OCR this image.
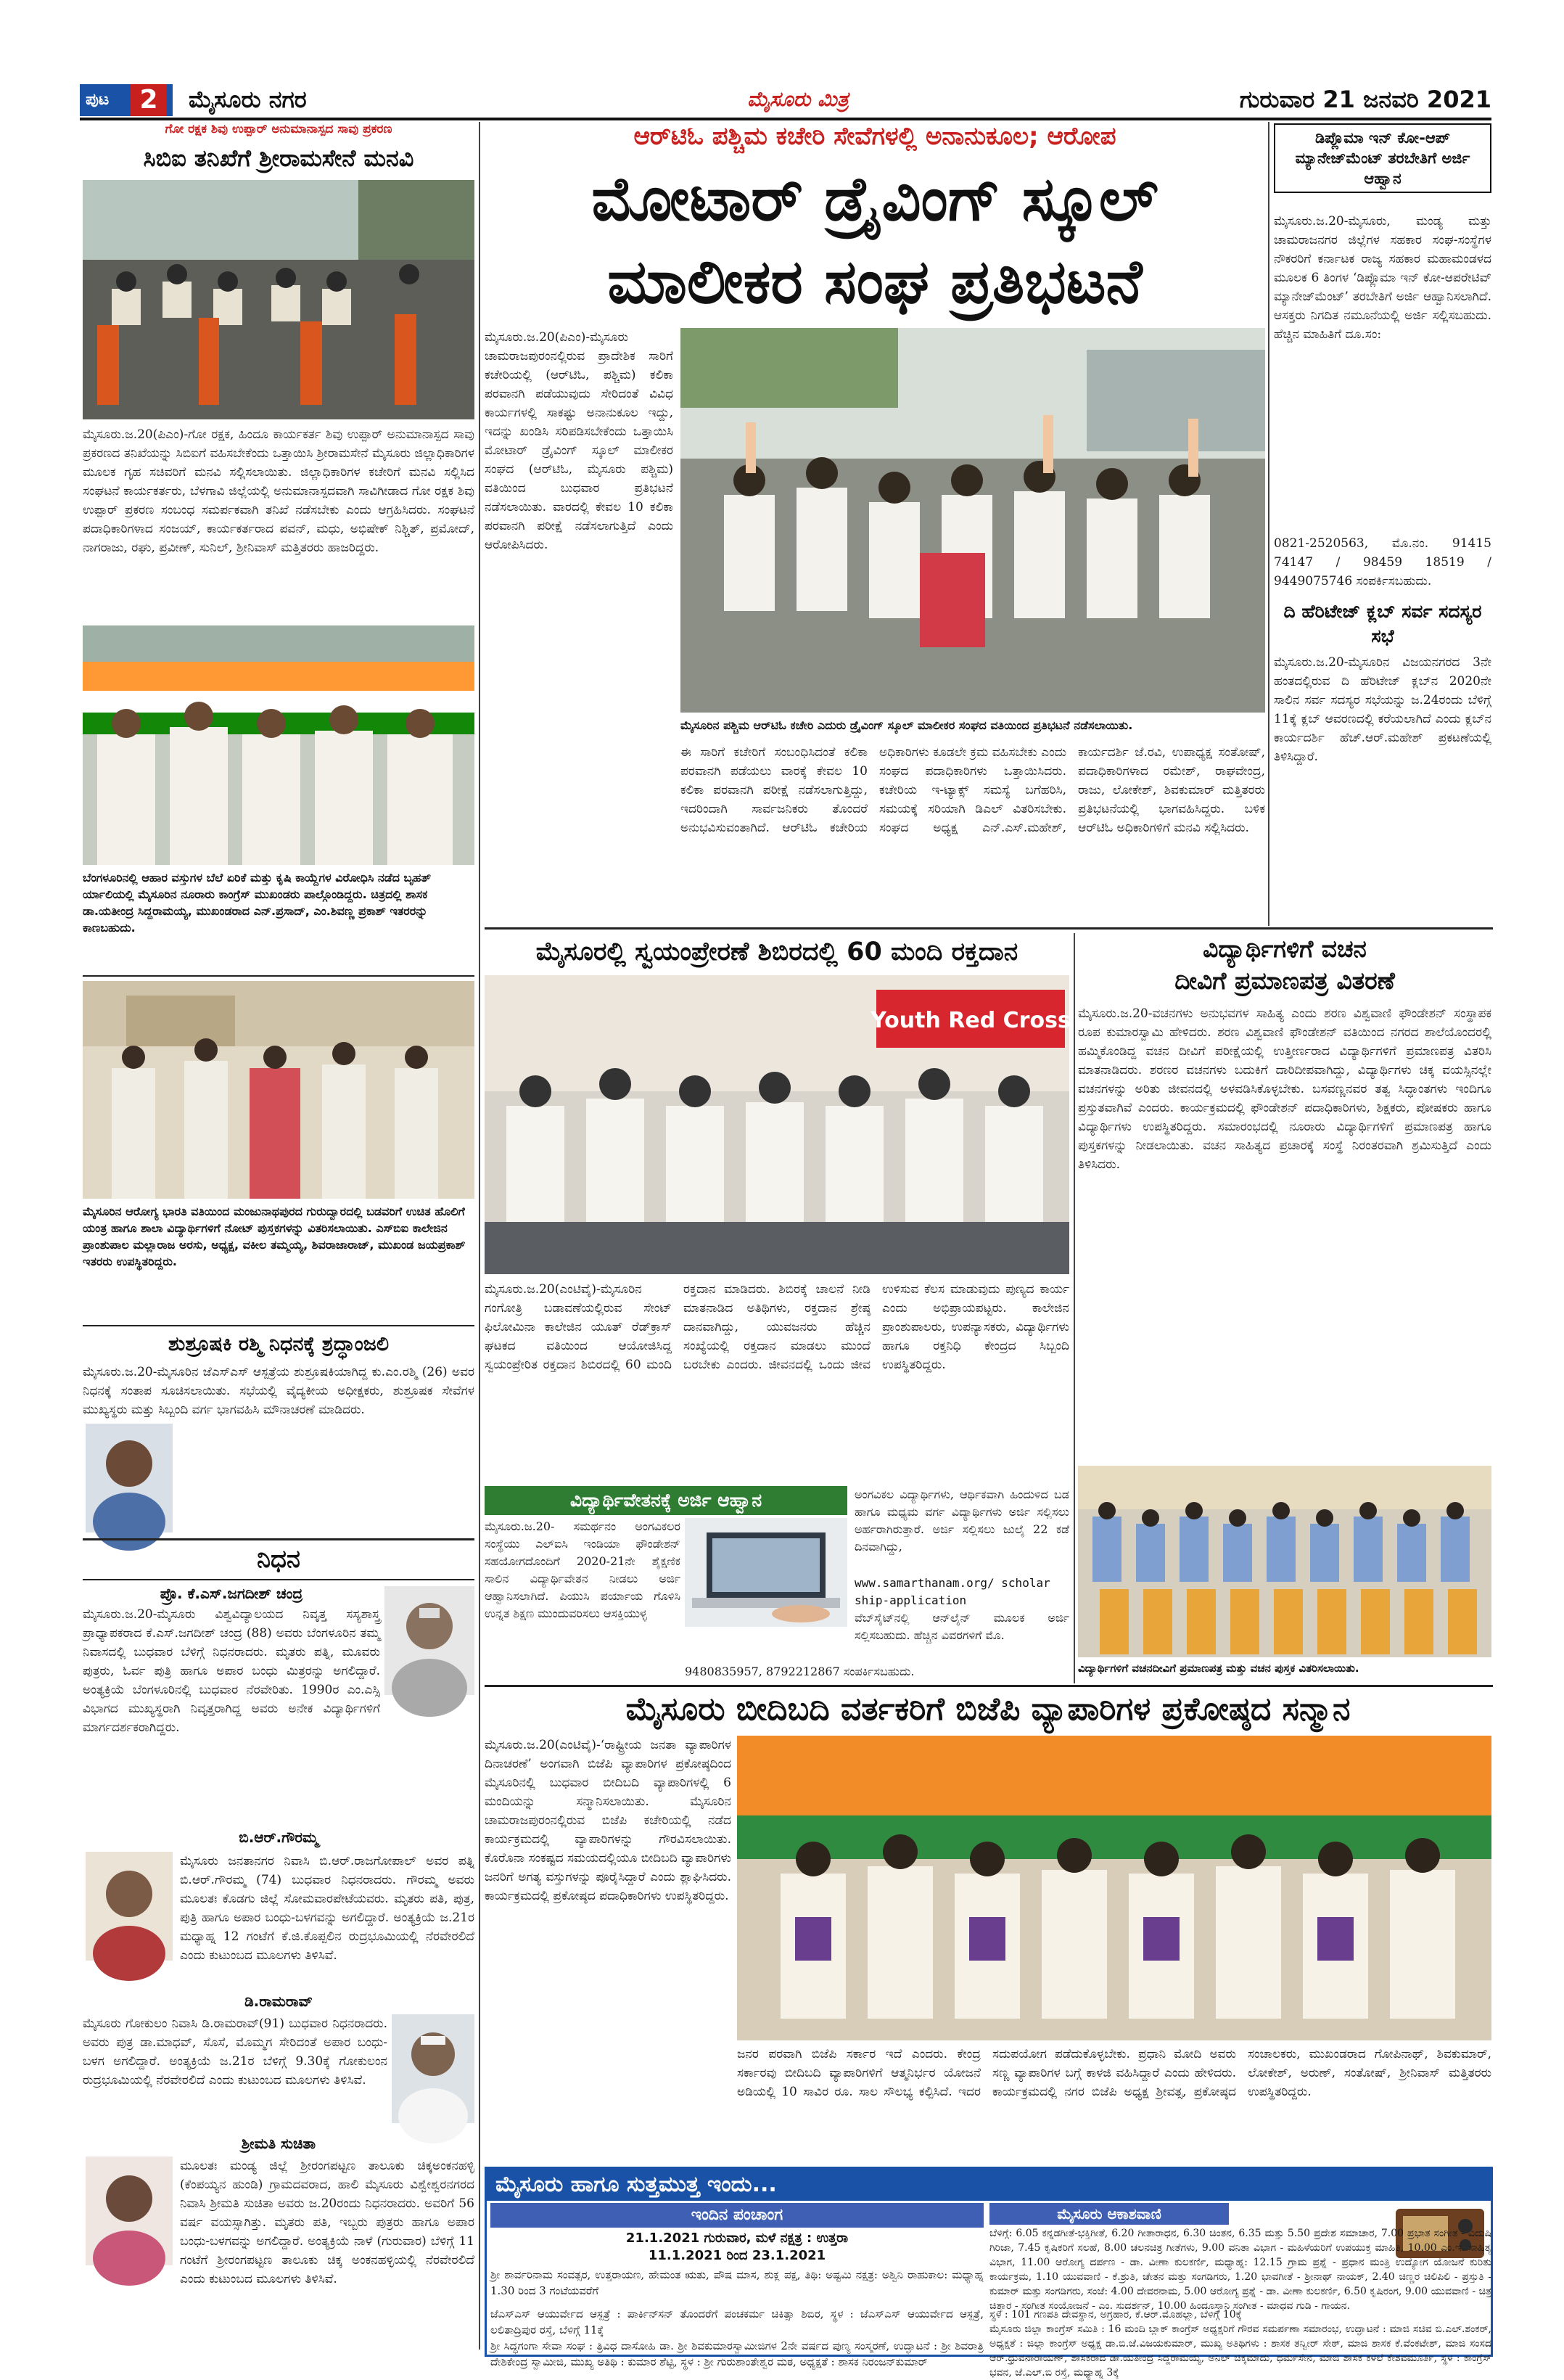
ಪುಟ	2	ಮೈಸೂರು ನಗರ	ಮೈಸೂರು ಮಿತ್ರ	ಗುರುವಾರ 21 ಜನವರಿ 2021
ಗೋ ರಕ್ಷಕ ಶಿವು ಉಪ್ಪಾರ್ ಅನುಮಾನಾಸ್ಪದ ಸಾವು ಪ್ರಕರಣ
ಸಿಬಿಐ ತನಿಖೆಗೆ ಶ್ರೀರಾಮಸೇನೆ ಮನವಿ
ಮೈಸೂರು.ಜ.20(ಪಿಎಂ)-ಗೋ ರಕ್ಷಕ, ಹಿಂದೂ ಕಾರ್ಯಕರ್ತ ಶಿವು ಉಪ್ಪಾರ್ ಅನುಮಾನಾಸ್ಪದ ಸಾವು ಪ್ರಕರಣದ ತನಿಖೆಯನ್ನು ಸಿಬಿಐಗೆ ವಹಿಸಬೇಕೆಂದು ಒತ್ತಾಯಿಸಿ ಶ್ರೀರಾಮಸೇನೆ ಮೈಸೂರು ಜಿಲ್ಲಾಧಿಕಾರಿಗಳ ಮೂಲಕ ಗೃಹ ಸಚಿವರಿಗೆ ಮನವಿ ಸಲ್ಲಿಸಲಾಯಿತು. ಜಿಲ್ಲಾಧಿಕಾರಿಗಳ ಕಚೇರಿಗೆ ಮನವಿ ಸಲ್ಲಿಸಿದ ಸಂಘಟನೆ ಕಾರ್ಯಕರ್ತರು, ಬೆಳಗಾವಿ ಜಿಲ್ಲೆಯಲ್ಲಿ ಅನುಮಾನಾಸ್ಪದವಾಗಿ ಸಾವಿಗೀಡಾದ ಗೋ ರಕ್ಷಕ ಶಿವು ಉಪ್ಪಾರ್ ಪ್ರಕರಣ ಸಂಬಂಧ ಸಮರ್ಪಕವಾಗಿ ತನಿಖೆ ನಡೆಸಬೇಕು ಎಂದು ಆಗ್ರಹಿಸಿದರು. ಸಂಘಟನೆ ಪದಾಧಿಕಾರಿಗಳಾದ ಸಂಜಯ್, ಕಾರ್ಯಕರ್ತರಾದ ಪವನ್, ಮಧು, ಅಭಿಷೇಕ್ ನಿಶ್ಚಿತ್, ಪ್ರಮೋದ್, ನಾಗರಾಜು, ರಘು, ಪ್ರವೀಣ್, ಸುನಿಲ್, ಶ್ರೀನಿವಾಸ್ ಮತ್ತಿತರರು ಹಾಜರಿದ್ದರು.
ಬೆಂಗಳೂರಿನಲ್ಲಿ ಆಹಾರ ವಸ್ತುಗಳ ಬೆಲೆ ಏರಿಕೆ ಮತ್ತು ಕೃಷಿ ಕಾಯ್ದೆಗಳ ವಿರೋಧಿಸಿ ನಡೆದ ಬೃಹತ್ ರ್ಯಾಲಿಯಲ್ಲಿ ಮೈಸೂರಿನ ನೂರಾರು ಕಾಂಗ್ರೆಸ್ ಮುಖಂಡರು ಪಾಲ್ಗೊಂಡಿದ್ದರು. ಚಿತ್ರದಲ್ಲಿ ಶಾಸಕ ಡಾ.ಯತೀಂದ್ರ ಸಿದ್ದರಾಮಯ್ಯ, ಮುಖಂಡರಾದ ಎನ್.ಪ್ರಸಾದ್, ಎಂ.ಶಿವಣ್ಣ ಪ್ರಕಾಶ್ ಇತರರನ್ನು ಕಾಣಬಹುದು.
ಮೈಸೂರಿನ ಆರೋಗ್ಯ ಭಾರತಿ ವತಿಯಿಂದ ಮಂಜುನಾಥಪುರದ ಗುರುದ್ವಾರದಲ್ಲಿ ಬಡವರಿಗೆ ಉಚಿತ ಹೊಲಿಗೆ ಯಂತ್ರ ಹಾಗೂ ಶಾಲಾ ವಿದ್ಯಾರ್ಥಿಗಳಿಗೆ ನೋಟ್ ಪುಸ್ತಕಗಳನ್ನು ವಿತರಿಸಲಾಯಿತು. ಎಸ್‍ಬಿಐ ಕಾಲೇಜಿನ ಪ್ರಾಂಶುಪಾಲ ಮಲ್ಲಾರಾಜ ಅರಸು, ಅಧ್ಯಕ್ಷ, ವಕೀಲ ತಮ್ಮಯ್ಯ, ಶಿವರಾಜಾರಾಜ್, ಮುಖಂಡ ಜಯಪ್ರಕಾಶ್ ಇತರರು ಉಪಸ್ಥಿತರಿದ್ದರು.
ಶುಶ್ರೂಷಕಿ ರಶ್ಮಿ ನಿಧನಕ್ಕೆ ಶ್ರದ್ಧಾಂಜಲಿ
ಮೈಸೂರು.ಜ.20-ಮೈಸೂರಿನ ಜೆಎಸ್‍ಎಸ್ ಆಸ್ಪತ್ರೆಯ ಶುಶ್ರೂಷಕಿಯಾಗಿದ್ದ ಕು.ಎಂ.ರಶ್ಮಿ (26) ಅವರ ನಿಧನಕ್ಕೆ ಸಂತಾಪ ಸೂಚಿಸಲಾಯಿತು. ಸಭೆಯಲ್ಲಿ ವೈದ್ಯಕೀಯ ಅಧೀಕ್ಷಕರು, ಶುಶ್ರೂಷಕ ಸೇವೆಗಳ ಮುಖ್ಯಸ್ಥರು ಮತ್ತು ಸಿಬ್ಬಂದಿ ವರ್ಗ ಭಾಗವಹಿಸಿ ಮೌನಾಚರಣೆ ಮಾಡಿದರು.

ನಿಧನ
ಪ್ರೊ. ಕೆ.ಎಸ್.ಜಗದೀಶ್ ಚಂದ್ರ
ಮೈಸೂರು.ಜ.20-ಮೈಸೂರು ವಿಶ್ವವಿದ್ಯಾಲಯದ ನಿವೃತ್ತ ಸಸ್ಯಶಾಸ್ತ್ರ ಪ್ರಾಧ್ಯಾಪಕರಾದ ಕೆ.ಎಸ್.ಜಗದೀಶ್ ಚಂದ್ರ (88) ಅವರು ಬೆಂಗಳೂರಿನ ತಮ್ಮ ನಿವಾಸದಲ್ಲಿ ಬುಧವಾರ ಬೆಳಿಗ್ಗೆ ನಿಧನರಾದರು. ಮೃತರು ಪತ್ನಿ, ಮೂವರು ಪುತ್ರರು, ಓರ್ವ ಪುತ್ರಿ ಹಾಗೂ ಅಪಾರ ಬಂಧು ಮಿತ್ರರನ್ನು ಅಗಲಿದ್ದಾರೆ. ಅಂತ್ಯಕ್ರಿಯೆ ಬೆಂಗಳೂರಿನಲ್ಲಿ ಬುಧವಾರ ನೆರವೇರಿತು. 1990ರ ಎಂ.ಎಸ್ಸಿ ವಿಭಾಗದ ಮುಖ್ಯಸ್ಥರಾಗಿ ನಿವೃತ್ತರಾಗಿದ್ದ ಅವರು ಅನೇಕ ವಿದ್ಯಾರ್ಥಿಗಳಿಗೆ ಮಾರ್ಗದರ್ಶಕರಾಗಿದ್ದರು.
ಬಿ.ಆರ್.ಗೌರಮ್ಮ
ಮೈಸೂರು ಜನತಾನಗರ ನಿವಾಸಿ ಬಿ.ಆರ್.ರಾಜಗೋಪಾಲ್ ಅವರ ಪತ್ನಿ ಬಿ.ಆರ್.ಗೌರಮ್ಮ (74) ಬುಧವಾರ ನಿಧನರಾದರು. ಗೌರಮ್ಮ ಅವರು ಮೂಲತಃ ಕೊಡಗು ಜಿಲ್ಲೆ ಸೋಮವಾರಪೇಟೆಯವರು. ಮೃತರು ಪತಿ, ಪುತ್ರ, ಪುತ್ರಿ ಹಾಗೂ ಅಪಾರ ಬಂಧು-ಬಳಗವನ್ನು ಅಗಲಿದ್ದಾರೆ. ಅಂತ್ಯಕ್ರಿಯೆ ಜ.21ರ ಮಧ್ಯಾಹ್ನ 12 ಗಂಟೆಗೆ ಕೆ.ಜಿ.ಕೊಪ್ಪಲಿನ ರುದ್ರಭೂಮಿಯಲ್ಲಿ ನೆರವೇರಲಿದೆ ಎಂದು ಕುಟುಂಬದ ಮೂಲಗಳು ತಿಳಿಸಿವೆ.
ಡಿ.ರಾಮರಾವ್
ಮೈಸೂರು ಗೋಕುಲಂ ನಿವಾಸಿ ಡಿ.ರಾಮರಾವ್(91) ಬುಧವಾರ ನಿಧನರಾದರು. ಅವರು ಪುತ್ರ ಡಾ.ಮಾಧವ್, ಸೊಸೆ, ಮೊಮ್ಮಗ ಸೇರಿದಂತೆ ಅಪಾರ ಬಂಧು-ಬಳಗ ಅಗಲಿದ್ದಾರೆ. ಅಂತ್ಯಕ್ರಿಯೆ ಜ.21ರ ಬೆಳಿಗ್ಗೆ 9.30ಕ್ಕೆ ಗೋಕುಲಂನ ರುದ್ರಭೂಮಿಯಲ್ಲಿ ನೆರವೇರಲಿದೆ ಎಂದು ಕುಟುಂಬದ ಮೂಲಗಳು ತಿಳಿಸಿವೆ.
ಶ್ರೀಮತಿ ಸುಚಿತಾ
ಮೂಲತಃ ಮಂಡ್ಯ ಜಿಲ್ಲೆ ಶ್ರೀರಂಗಪಟ್ಟಣ ತಾಲೂಕು ಚಿಕ್ಕಅಂಕನಹಳ್ಳಿ (ಕೆಂಪಯ್ಯನ ಹುಂಡಿ) ಗ್ರಾಮದವರಾದ, ಹಾಲಿ ಮೈಸೂರು ವಿಶ್ವೇಶ್ವರನಗರದ ನಿವಾಸಿ ಶ್ರೀಮತಿ ಸುಚಿತಾ ಅವರು ಜ.20ರಂದು ನಿಧನರಾದರು. ಅವರಿಗೆ 56 ವರ್ಷ ವಯಸ್ಸಾಗಿತ್ತು. ಮೃತರು ಪತಿ, ಇಬ್ಬರು ಪುತ್ರರು ಹಾಗೂ ಅಪಾರ ಬಂಧು-ಬಳಗವನ್ನು ಅಗಲಿದ್ದಾರೆ. ಅಂತ್ಯಕ್ರಿಯೆ ನಾಳೆ (ಗುರುವಾರ) ಬೆಳಿಗ್ಗೆ 11 ಗಂಟೆಗೆ ಶ್ರೀರಂಗಪಟ್ಟಣ ತಾಲೂಕು ಚಿಕ್ಕ ಅಂಕನಹಳ್ಳಿಯಲ್ಲಿ ನೆರವೇರಲಿದೆ ಎಂದು ಕುಟುಂಬದ ಮೂಲಗಳು ತಿಳಿಸಿವೆ.
ಆರ್‌ಟಿಓ ಪಶ್ಚಿಮ ಕಚೇರಿ ಸೇವೆಗಳಲ್ಲಿ ಅನಾನುಕೂಲ; ಆರೋಪ
ಮೋಟಾರ್ ಡ್ರೈವಿಂಗ್ ಸ್ಕೂಲ್
ಮಾಲೀಕರ ಸಂಘ ಪ್ರತಿಭಟನೆ
ಮೈಸೂರು.ಜ.20(ಪಿಎಂ)-ಮೈಸೂರು ಚಾಮರಾಜಪುರಂನಲ್ಲಿರುವ ಪ್ರಾದೇಶಿಕ ಸಾರಿಗೆ ಕಚೇರಿಯಲ್ಲಿ (ಆರ್‌ಟಿಓ, ಪಶ್ಚಿಮ) ಕಲಿಕಾ ಪರವಾನಗಿ ಪಡೆಯುವುದು ಸೇರಿದಂತೆ ವಿವಿಧ ಕಾರ್ಯಗಳಲ್ಲಿ ಸಾಕಷ್ಟು ಅನಾನುಕೂಲ ಇದ್ದು, ಇದನ್ನು ಖಂಡಿಸಿ ಸರಿಪಡಿಸಬೇಕೆಂದು ಒತ್ತಾಯಿಸಿ ಮೋಟಾರ್ ಡ್ರೈವಿಂಗ್ ಸ್ಕೂಲ್ ಮಾಲೀಕರ ಸಂಘದ (ಆರ್‌ಟಿಓ, ಮೈಸೂರು ಪಶ್ಚಿಮ) ವತಿಯಿಂದ ಬುಧವಾರ ಪ್ರತಿಭಟನೆ ನಡೆಸಲಾಯಿತು. ವಾರದಲ್ಲಿ ಕೇವಲ 10 ಕಲಿಕಾ ಪರವಾನಗಿ ಪರೀಕ್ಷೆ ನಡೆಸಲಾಗುತ್ತಿದೆ ಎಂದು ಆರೋಪಿಸಿದರು.
ಮೈಸೂರಿನ ಪಶ್ಚಿಮ ಆರ್‌ಟಿಓ ಕಚೇರಿ ಎದುರು ಡ್ರೈವಿಂಗ್ ಸ್ಕೂಲ್ ಮಾಲೀಕರ ಸಂಘದ ವತಿಯಿಂದ ಪ್ರತಿಭಟನೆ ನಡೆಸಲಾಯಿತು.
ಈ ಸಾರಿಗೆ ಕಚೇರಿಗೆ ಸಂಬಂಧಿಸಿದಂತೆ ಕಲಿಕಾ ಪರವಾನಗಿ ಪಡೆಯಲು ವಾರಕ್ಕೆ ಕೇವಲ 10 ಕಲಿಕಾ ಪರವಾನಗಿ ಪರೀಕ್ಷೆ ನಡೆಸಲಾಗುತ್ತಿದ್ದು, ಇದರಿಂದಾಗಿ ಸಾರ್ವಜನಿಕರು ತೊಂದರೆ ಅನುಭವಿಸುವಂತಾಗಿದೆ. ಆರ್‌ಟಿಓ ಕಚೇರಿಯ ಅಧಿಕಾರಿಗಳು ಕೂಡಲೇ ಕ್ರಮ ವಹಿಸಬೇಕು ಎಂದು ಸಂಘದ ಪದಾಧಿಕಾರಿಗಳು ಒತ್ತಾಯಿಸಿದರು. ಕಚೇರಿಯ ಇ-ಟ್ಯಾಕ್ಸ್ ಸಮಸ್ಯೆ ಬಗೆಹರಿಸಿ, ಸಮಯಕ್ಕೆ ಸರಿಯಾಗಿ ಡಿಎಲ್ ವಿತರಿಸಬೇಕು. ಸಂಘದ ಅಧ್ಯಕ್ಷ ಎನ್.ಎಸ್.ಮಹೇಶ್, ಕಾರ್ಯದರ್ಶಿ ಜೆ.ರವಿ, ಉಪಾಧ್ಯಕ್ಷ ಸಂತೋಷ್, ಪದಾಧಿಕಾರಿಗಳಾದ ರಮೇಶ್, ರಾಘವೇಂದ್ರ, ರಾಜು, ಲೋಕೇಶ್, ಶಿವಕುಮಾರ್ ಮತ್ತಿತರರು ಪ್ರತಿಭಟನೆಯಲ್ಲಿ ಭಾಗವಹಿಸಿದ್ದರು. ಬಳಿಕ ಆರ್‌ಟಿಓ ಅಧಿಕಾರಿಗಳಿಗೆ ಮನವಿ ಸಲ್ಲಿಸಿದರು.
ಡಿಪ್ಲೊಮಾ ಇನ್ ಕೋ-ಆಪ್ ಮ್ಯಾನೇಜ್‌ಮೆಂಟ್ ತರಬೇತಿಗೆ ಅರ್ಜಿ ಆಹ್ವಾನ
ಮೈಸೂರು.ಜ.20-ಮೈಸೂರು, ಮಂಡ್ಯ ಮತ್ತು ಚಾಮರಾಜನಗರ ಜಿಲ್ಲೆಗಳ ಸಹಕಾರ ಸಂಘ-ಸಂಸ್ಥೆಗಳ ನೌಕರರಿಗೆ ಕರ್ನಾಟಕ ರಾಜ್ಯ ಸಹಕಾರ ಮಹಾಮಂಡಳದ ಮೂಲಕ 6 ತಿಂಗಳ ‘ಡಿಪ್ಲೊಮಾ ಇನ್ ಕೋ-ಆಪರೇಟಿವ್ ಮ್ಯಾನೇಜ್‌ಮೆಂಟ್’ ತರಬೇತಿಗೆ ಅರ್ಜಿ ಆಹ್ವಾನಿಸಲಾಗಿದೆ. ಆಸಕ್ತರು ನಿಗದಿತ ನಮೂನೆಯಲ್ಲಿ ಅರ್ಜಿ ಸಲ್ಲಿಸಬಹುದು. ಹೆಚ್ಚಿನ ಮಾಹಿತಿಗೆ ದೂ.ಸಂ:
0821-2520563, ಮೊ.ನಂ. 91415 74147 / 98459 18519 / 9449075746 ಸಂಪರ್ಕಿಸಬಹುದು.
ದಿ ಹೆರಿಟೇಜ್ ಕ್ಲಬ್ ಸರ್ವ ಸದಸ್ಯರ ಸಭೆ
ಮೈಸೂರು.ಜ.20-ಮೈಸೂರಿನ ವಿಜಯನಗರದ 3ನೇ ಹಂತದಲ್ಲಿರುವ ದಿ ಹೆರಿಟೇಜ್ ಕ್ಲಬ್‌ನ 2020ನೇ ಸಾಲಿನ ಸರ್ವ ಸದಸ್ಯರ ಸಭೆಯನ್ನು ಜ.24ರಂದು ಬೆಳಿಗ್ಗೆ 11ಕ್ಕೆ ಕ್ಲಬ್ ಆವರಣದಲ್ಲಿ ಕರೆಯಲಾಗಿದೆ ಎಂದು ಕ್ಲಬ್‌ನ ಕಾರ್ಯದರ್ಶಿ ಹೆಚ್.ಆರ್.ಮಹೇಶ್ ಪ್ರಕಟಣೆಯಲ್ಲಿ ತಿಳಿಸಿದ್ದಾರೆ.
ಮೈಸೂರಲ್ಲಿ ಸ್ವಯಂಪ್ರೇರಣೆ ಶಿಬಿರದಲ್ಲಿ 60 ಮಂದಿ ರಕ್ತದಾನ
Youth Red Cross
ಮೈಸೂರು.ಜ.20(ಎಂಟಿವೈ)-ಮೈಸೂರಿನ ಗಂಗೋತ್ರಿ ಬಡಾವಣೆಯಲ್ಲಿರುವ ಸೇಂಟ್ ಫಿಲೋಮಿನಾ ಕಾಲೇಜಿನ ಯೂತ್ ರೆಡ್‌ಕ್ರಾಸ್ ಘಟಕದ ವತಿಯಿಂದ ಆಯೋಜಿಸಿದ್ದ ಸ್ವಯಂಪ್ರೇರಿತ ರಕ್ತದಾನ ಶಿಬಿರದಲ್ಲಿ 60 ಮಂದಿ ರಕ್ತದಾನ ಮಾಡಿದರು. ಶಿಬಿರಕ್ಕೆ ಚಾಲನೆ ನೀಡಿ ಮಾತನಾಡಿದ ಅತಿಥಿಗಳು, ರಕ್ತದಾನ ಶ್ರೇಷ್ಠ ದಾನವಾಗಿದ್ದು, ಯುವಜನರು ಹೆಚ್ಚಿನ ಸಂಖ್ಯೆಯಲ್ಲಿ ರಕ್ತದಾನ ಮಾಡಲು ಮುಂದೆ ಬರಬೇಕು ಎಂದರು. ಜೀವನದಲ್ಲಿ ಒಂದು ಜೀವ ಉಳಿಸುವ ಕೆಲಸ ಮಾಡುವುದು ಪುಣ್ಯದ ಕಾರ್ಯ ಎಂದು ಅಭಿಪ್ರಾಯಪಟ್ಟರು. ಕಾಲೇಜಿನ ಪ್ರಾಂಶುಪಾಲರು, ಉಪನ್ಯಾಸಕರು, ವಿದ್ಯಾರ್ಥಿಗಳು ಹಾಗೂ ರಕ್ತನಿಧಿ ಕೇಂದ್ರದ ಸಿಬ್ಬಂದಿ ಉಪಸ್ಥಿತರಿದ್ದರು.
ವಿದ್ಯಾರ್ಥಿವೇತನಕ್ಕೆ ಅರ್ಜಿ ಆಹ್ವಾನ
ಮೈಸೂರು.ಜ.20- ಸಮರ್ಥನಂ ಅಂಗವಿಕಲರ ಸಂಸ್ಥೆಯು ಎಲ್‌ಐಸಿ ಇಂಡಿಯಾ ಫೌಂಡೇಶನ್ ಸಹಯೋಗದೊಂದಿಗೆ 2020-21ನೇ ಶೈಕ್ಷಣಿಕ ಸಾಲಿನ ವಿದ್ಯಾರ್ಥಿವೇತನ ನೀಡಲು ಅರ್ಜಿ ಆಹ್ವಾನಿಸಲಾಗಿದೆ. ಪಿಯುಸಿ ಪರ್ಯಾಯ ಗೊಳಿಸಿ ಉನ್ನತ ಶಿಕ್ಷಣ ಮುಂದುವರಿಸಲು ಆಸಕ್ತಿಯುಳ್ಳ
ಅಂಗವಿಕಲ ವಿದ್ಯಾರ್ಥಿಗಳು, ಆರ್ಥಿಕವಾಗಿ ಹಿಂದುಳಿದ ಬಡ ಹಾಗೂ ಮಧ್ಯಮ ವರ್ಗ ವಿದ್ಯಾರ್ಥಿಗಳು ಅರ್ಜಿ ಸಲ್ಲಿಸಲು ಅರ್ಹರಾಗಿರುತ್ತಾರೆ. ಅರ್ಜಿ ಸಲ್ಲಿಸಲು ಜುಲೈ 22 ಕಡೆ ದಿನವಾಗಿದ್ದು,
www.samarthanam.org/ scholar ship-application
ವೆಬ್‌ಸೈಟ್‌ನಲ್ಲಿ ಆನ್‌ಲೈನ್ ಮೂಲಕ ಅರ್ಜಿ ಸಲ್ಲಿಸಬಹುದು. ಹೆಚ್ಚಿನ ವಿವರಗಳಿಗೆ ಮೊ.
9480835957, 8792212867 ಸಂಪರ್ಕಿಸಬಹುದು.
ವಿದ್ಯಾರ್ಥಿಗಳಿಗೆ ವಚನ
ದೀವಿಗೆ ಪ್ರಮಾಣಪತ್ರ ವಿತರಣೆ
ಮೈಸೂರು.ಜ.20-ವಚನಗಳು ಅನುಭವಗಳ ಸಾಹಿತ್ಯ ಎಂದು ಶರಣ ವಿಶ್ವವಾಣಿ ಫೌಂಡೇಶನ್ ಸಂಸ್ಥಾಪಕ ರೂಪ ಕುಮಾರಸ್ವಾಮಿ ಹೇಳಿದರು. ಶರಣ ವಿಶ್ವವಾಣಿ ಫೌಂಡೇಶನ್ ವತಿಯಿಂದ ನಗರದ ಶಾಲೆಯೊಂದರಲ್ಲಿ ಹಮ್ಮಿಕೊಂಡಿದ್ದ ವಚನ ದೀವಿಗೆ ಪರೀಕ್ಷೆಯಲ್ಲಿ ಉತ್ತೀರ್ಣರಾದ ವಿದ್ಯಾರ್ಥಿಗಳಿಗೆ ಪ್ರಮಾಣಪತ್ರ ವಿತರಿಸಿ ಮಾತನಾಡಿದರು. ಶರಣರ ವಚನಗಳು ಬದುಕಿಗೆ ದಾರಿದೀಪವಾಗಿದ್ದು, ವಿದ್ಯಾರ್ಥಿಗಳು ಚಿಕ್ಕ ವಯಸ್ಸಿನಲ್ಲೇ ವಚನಗಳನ್ನು ಅರಿತು ಜೀವನದಲ್ಲಿ ಅಳವಡಿಸಿಕೊಳ್ಳಬೇಕು. ಬಸವಣ್ಣನವರ ತತ್ವ ಸಿದ್ಧಾಂತಗಳು ಇಂದಿಗೂ ಪ್ರಸ್ತುತವಾಗಿವೆ ಎಂದರು. ಕಾರ್ಯಕ್ರಮದಲ್ಲಿ ಫೌಂಡೇಶನ್ ಪದಾಧಿಕಾರಿಗಳು, ಶಿಕ್ಷಕರು, ಪೋಷಕರು ಹಾಗೂ ವಿದ್ಯಾರ್ಥಿಗಳು ಉಪಸ್ಥಿತರಿದ್ದರು. ಸಮಾರಂಭದಲ್ಲಿ ನೂರಾರು ವಿದ್ಯಾರ್ಥಿಗಳಿಗೆ ಪ್ರಮಾಣಪತ್ರ ಹಾಗೂ ಪುಸ್ತಕಗಳನ್ನು ನೀಡಲಾಯಿತು. ವಚನ ಸಾಹಿತ್ಯದ ಪ್ರಚಾರಕ್ಕೆ ಸಂಸ್ಥೆ ನಿರಂತರವಾಗಿ ಶ್ರಮಿಸುತ್ತಿದೆ ಎಂದು ತಿಳಿಸಿದರು.
ವಿದ್ಯಾರ್ಥಿಗಳಿಗೆ ವಚನದೀವಿಗೆ ಪ್ರಮಾಣಪತ್ರ ಮತ್ತು ವಚನ ಪುಸ್ತಕ ವಿತರಿಸಲಾಯಿತು.
ಮೈಸೂರು ಬೀದಿಬದಿ ವರ್ತಕರಿಗೆ ಬಿಜೆಪಿ ವ್ಯಾಪಾರಿಗಳ ಪ್ರಕೋಷ್ಠದ ಸನ್ಮಾನ
ಮೈಸೂರು.ಜ.20(ಎಂಟಿವೈ)-‘ರಾಷ್ಟ್ರೀಯ ಜನತಾ ವ್ಯಾಪಾರಿಗಳ ದಿನಾಚರಣೆ’ ಅಂಗವಾಗಿ ಬಿಜೆಪಿ ವ್ಯಾಪಾರಿಗಳ ಪ್ರಕೋಷ್ಠದಿಂದ ಮೈಸೂರಿನಲ್ಲಿ ಬುಧವಾರ ಬೀದಿಬದಿ ವ್ಯಾಪಾರಿಗಳಲ್ಲಿ 6 ಮಂದಿಯನ್ನು ಸನ್ಮಾನಿಸಲಾಯಿತು. ಮೈಸೂರಿನ ಚಾಮರಾಜಪುರಂನಲ್ಲಿರುವ ಬಿಜೆಪಿ ಕಚೇರಿಯಲ್ಲಿ ನಡೆದ ಕಾರ್ಯಕ್ರಮದಲ್ಲಿ ವ್ಯಾಪಾರಿಗಳನ್ನು ಗೌರವಿಸಲಾಯಿತು. ಕೊರೊನಾ ಸಂಕಷ್ಟದ ಸಮಯದಲ್ಲಿಯೂ ಬೀದಿಬದಿ ವ್ಯಾಪಾರಿಗಳು ಜನರಿಗೆ ಅಗತ್ಯ ವಸ್ತುಗಳನ್ನು ಪೂರೈಸಿದ್ದಾರೆ ಎಂದು ಶ್ಲಾಘಿಸಿದರು. ಕಾರ್ಯಕ್ರಮದಲ್ಲಿ ಪ್ರಕೋಷ್ಠದ ಪದಾಧಿಕಾರಿಗಳು ಉಪಸ್ಥಿತರಿದ್ದರು.
ಜನರ ಪರವಾಗಿ ಬಿಜೆಪಿ ಸರ್ಕಾರ ಇದೆ ಎಂದರು. ಕೇಂದ್ರ ಸರ್ಕಾರವು ಬೀದಿಬದಿ ವ್ಯಾಪಾರಿಗಳಿಗೆ ಆತ್ಮನಿರ್ಭರ ಯೋಜನೆ ಅಡಿಯಲ್ಲಿ 10 ಸಾವಿರ ರೂ. ಸಾಲ ಸೌಲಭ್ಯ ಕಲ್ಪಿಸಿದೆ. ಇದರ ಸದುಪಯೋಗ ಪಡೆದುಕೊಳ್ಳಬೇಕು. ಪ್ರಧಾನಿ ಮೋದಿ ಅವರು ಸಣ್ಣ ವ್ಯಾಪಾರಿಗಳ ಬಗ್ಗೆ ಕಾಳಜಿ ವಹಿಸಿದ್ದಾರೆ ಎಂದು ಹೇಳಿದರು. ಕಾರ್ಯಕ್ರಮದಲ್ಲಿ ನಗರ ಬಿಜೆಪಿ ಅಧ್ಯಕ್ಷ ಶ್ರೀವತ್ಸ, ಪ್ರಕೋಷ್ಠದ ಸಂಚಾಲಕರು, ಮುಖಂಡರಾದ ಗೋಪಿನಾಥ್, ಶಿವಕುಮಾರ್, ಲೋಕೇಶ್, ಅರುಣ್, ಸಂತೋಷ್, ಶ್ರೀನಿವಾಸ್ ಮತ್ತಿತರರು ಉಪಸ್ಥಿತರಿದ್ದರು.
ಮೈಸೂರು ಹಾಗೂ ಸುತ್ತಮುತ್ತ ಇಂದು...
ಇಂದಿನ ಪಂಚಾಂಗ
21.1.2021 ಗುರುವಾರ, ಮಳೆ ನಕ್ಷತ್ರ : ಉತ್ತರಾ
11.1.2021 ರಿಂದ 23.1.2021
ಶ್ರೀ ಶಾರ್ವರಿನಾಮ ಸಂವತ್ಸರ, ಉತ್ತರಾಯಣ, ಹೇಮಂತ ಋತು, ಪೌಷ ಮಾಸ, ಶುಕ್ಲ ಪಕ್ಷ, ತಿಥಿ: ಅಷ್ಟಮಿ ನಕ್ಷತ್ರ: ಅಶ್ವಿನಿ ರಾಹುಕಾಲ: ಮಧ್ಯಾಹ್ನ 1.30 ರಿಂದ 3 ಗಂಟೆಯವರೆಗೆ
ಜೆಎಸ್‍ಎಸ್ ಆಯುರ್ವೇದ ಆಸ್ಪತ್ರೆ : ಪಾರ್ಕಿನ್‍ಸನ್ ತೊಂದರೆಗೆ ಪಂಚಕರ್ಮ ಚಿಕಿತ್ಸಾ ಶಿಬಿರ, ಸ್ಥಳ : ಜೆಎಸ್‍ಎಸ್ ಆಯುರ್ವೇದ ಆಸ್ಪತ್ರೆ, ಲಲಿತಾದ್ರಿಪುರ ರಸ್ತೆ, ಬೆಳಿಗ್ಗೆ 11ಕ್ಕೆ
ಶ್ರೀ ಸಿದ್ಧಗಂಗಾ ಸೇವಾ ಸಂಘ : ತ್ರಿವಿಧ ದಾಸೋಹಿ ಡಾ. ಶ್ರೀ ಶಿವಕುಮಾರಸ್ವಾಮೀಜಿಗಳ 2ನೇ ವರ್ಷದ ಪುಣ್ಯ ಸಂಸ್ಮರಣೆ, ಉದ್ಘಾಟನೆ : ಶ್ರೀ ಶಿವರಾತ್ರಿ ದೇಶಿಕೇಂದ್ರ ಸ್ವಾಮೀಜಿ, ಮುಖ್ಯ ಅತಿಥಿ : ಕುಮಾರ ಶೆಟ್ಟಿ, ಸ್ಥಳ : ಶ್ರೀ ಗುರುಶಾಂತೇಶ್ವರ ಮಠ, ಅಧ್ಯಕ್ಷತೆ : ಶಾಸಕ ನಿರಂಜನ್‌ಕುಮಾರ್
ಮೈಸೂರು ಆಕಾಶವಾಣಿ
ಬೆಳಿಗ್ಗೆ: 6.05 ಕನ್ನಡಗೀತೆ-ಭಕ್ತಿಗೀತೆ, 6.20 ಗೀತಾರಾಧನ, 6.30 ಚಿಂತನ, 6.35 ಮತ್ತು 5.50 ಪ್ರದೇಶ ಸಮಾಚಾರ, 7.00 ಪ್ರಭಾತ ಸಂಗೀತ - ವಿದುಷಿ ಗಿರಿಜಾ, 7.45 ಕೃಷಿಕರಿಗೆ ಸಲಹೆ, 8.00 ಚಲನಚಿತ್ರ ಗೀತೆಗಳು, 9.00 ವನಿತಾ ವಿಭಾಗ - ಮಹಿಳೆಯರಿಗೆ ಉಪಯುಕ್ತ ಮಾಹಿತಿ, 10.00 ಎಂ.ಇ. ಸಾಹಿತ್ಯ ವಿಭಾಗ, 11.00 ಆರೋಗ್ಯ ದರ್ಪಣ - ಡಾ. ವೀಣಾ ಕುಲಕರ್ಣಿ, ಮಧ್ಯಾಹ್ನ: 12.15 ಗ್ರಾಮ ಪ್ರಶ್ನೆ - ಪ್ರಧಾನ ಮಂತ್ರಿ ಉದ್ಯೋಗ ಯೋಜನೆ ಕುರಿತು ಕಾರ್ಯಕ್ರಮ, 1.10 ಯುವವಾಣಿ - ಕೆ.ಶ್ರುತಿ, ಚೇತನ ಮತ್ತು ಸಂಗಡಿಗರು, 1.20 ಭಾವಗೀತೆ - ಶ್ರೀನಾಥ್ ನಾಯಕ್, 2.40 ಚಿಣ್ಣರ ಚಿಲಿಪಿಲಿ - ಪ್ರಸ್ತುತಿ - ಕುಮಾರ್ ಮತ್ತು ಸಂಗಡಿಗರು, ಸಂಜೆ: 4.00 ದೇವರನಾಮ, 5.00 ಆರೋಗ್ಯ ಪ್ರಶ್ನೆ - ಡಾ. ವೀಣಾ ಕುಲಕರ್ಣಿ, 6.50 ಕೃಷಿರಂಗ, 9.00 ಯುವವಾಣಿ - ಚಿತ್ರ ಚಿತ್ತಾರ - ಸಂಗೀತ ಸಂಯೋಜನೆ - ಎಂ. ಸುದರ್ಶನ್, 10.00 ಹಿಂದೂಸ್ತಾನಿ ಸಂಗೀತ - ಮಾಧವ ಗುಡಿ - ಗಾಯನ.
ಸ್ಥಳ : 101 ಗಣಪತಿ ದೇವಸ್ಥಾನ, ಅಗ್ರಹಾರ, ಕೆ.ಆರ್.ಮೊಹಲ್ಲಾ, ಬೆಳಿಗ್ಗೆ 10ಕ್ಕೆ
ಮೈಸೂರು ಜಿಲ್ಲಾ ಕಾಂಗ್ರೆಸ್ ಸಮಿತಿ : 16 ಮಂದಿ ಬ್ಲಾಕ್ ಕಾಂಗ್ರೆಸ್ ಅಧ್ಯಕ್ಷರಿಗೆ ಗೌರವ ಸಮರ್ಪಣಾ ಸಮಾರಂಭ, ಉದ್ಘಾಟನೆ : ಮಾಜಿ ಸಚಿವ ಬಿ.ಎಲ್.ಶಂಕರ್, ಅಧ್ಯಕ್ಷತೆ : ಜಿಲ್ಲಾ ಕಾಂಗ್ರೆಸ್ ಅಧ್ಯಕ್ಷ ಡಾ.ಬಿ.ಜೆ.ವಿಜಯಕುಮಾರ್, ಮುಖ್ಯ ಅತಿಥಿಗಳು : ಶಾಸಕ ತನ್ವೀರ್ ಸೇಠ್, ಮಾಜಿ ಶಾಸಕ ಕೆ.ವೆಂಕಟೇಶ್, ಮಾಜಿ ಸಂಸದ ಆರ್.ಧ್ರುವನಾರಾಯಣ್, ಶಾಸಕರಾದ ಡಾ.ಯತೀಂದ್ರ ಸಿದ್ದರಾಮಯ್ಯ, ಅನಿಲ್ ಚಿಕ್ಕಮಾದು, ಧರ್ಮಸೇನ, ಮಾಜಿ ಶಾಸಕ ಕಳಲೆ ಕೇಶವಮೂರ್ತಿ, ಸ್ಥಳ : ಕಾಂಗ್ರೆಸ್ ಭವನ, ಜೆ.ಎಲ್.ಬಿ ರಸ್ತೆ, ಮಧ್ಯಾಹ್ನ 3ಕ್ಕೆ
